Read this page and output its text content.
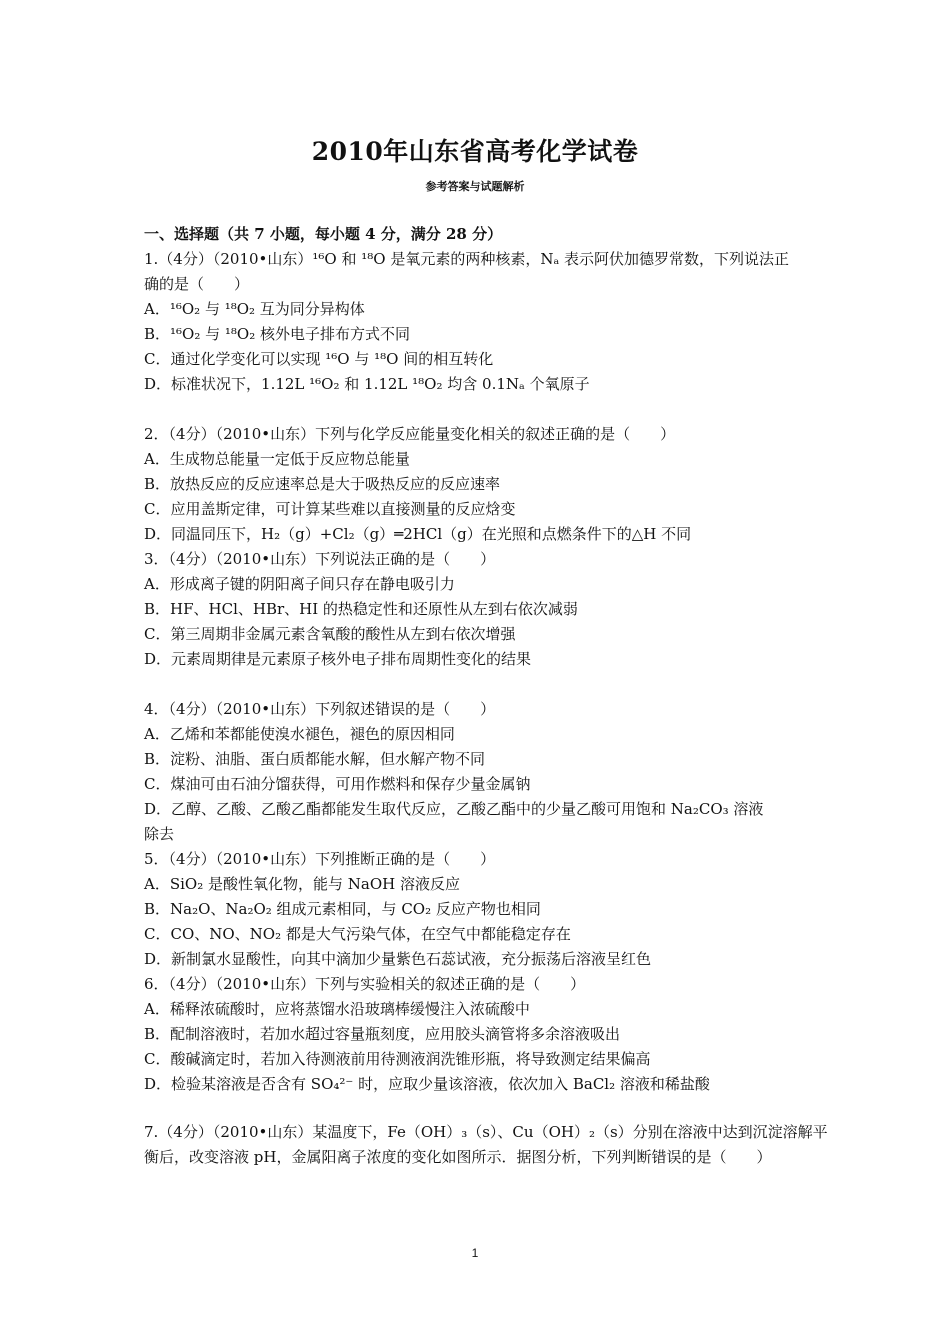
2010年山东省高考化学试卷
参考答案与试题解析
一、选择题（共 7 小题，每小题 4 分，满分 28 分）
1.（4分）（2010•山东）¹⁶O 和 ¹⁸O 是氧元素的两种核素，Nₐ 表示阿伏加德罗常数，下列说法正
确的是（　　）
A．¹⁶O₂ 与 ¹⁸O₂ 互为同分异构体
B．¹⁶O₂ 与 ¹⁸O₂ 核外电子排布方式不同
C．通过化学变化可以实现 ¹⁶O 与 ¹⁸O 间的相互转化
D．标准状况下，1.12L ¹⁶O₂ 和 1.12L ¹⁸O₂ 均含 0.1Nₐ 个氧原子
2．（4分）（2010•山东）下列与化学反应能量变化相关的叙述正确的是（　　）
A．生成物总能量一定低于反应物总能量
B．放热反应的反应速率总是大于吸热反应的反应速率
C．应用盖斯定律，可计算某些难以直接测量的反应焓变
D．同温同压下，H₂（g）+Cl₂（g）═2HCl（g）在光照和点燃条件下的△H 不同
3．（4分）（2010•山东）下列说法正确的是（　　）
A．形成离子键的阴阳离子间只存在静电吸引力
B．HF、HCl、HBr、HI 的热稳定性和还原性从左到右依次减弱
C．第三周期非金属元素含氧酸的酸性从左到右依次增强
D．元素周期律是元素原子核外电子排布周期性变化的结果
4．（4分）（2010•山东）下列叙述错误的是（　　）
A．乙烯和苯都能使溴水褪色，褪色的原因相同
B．淀粉、油脂、蛋白质都能水解，但水解产物不同
C．煤油可由石油分馏获得，可用作燃料和保存少量金属钠
D．乙醇、乙酸、乙酸乙酯都能发生取代反应，乙酸乙酯中的少量乙酸可用饱和 Na₂CO₃ 溶液
除去
5．（4分）（2010•山东）下列推断正确的是（　　）
A．SiO₂ 是酸性氧化物，能与 NaOH 溶液反应
B．Na₂O、Na₂O₂ 组成元素相同，与 CO₂ 反应产物也相同
C．CO、NO、NO₂ 都是大气污染气体，在空气中都能稳定存在
D．新制氯水显酸性，向其中滴加少量紫色石蕊试液，充分振荡后溶液呈红色
6．（4分）（2010•山东）下列与实验相关的叙述正确的是（　　）
A．稀释浓硫酸时，应将蒸馏水沿玻璃棒缓慢注入浓硫酸中
B．配制溶液时，若加水超过容量瓶刻度，应用胶头滴管将多余溶液吸出
C．酸碱滴定时，若加入待测液前用待测液润洗锥形瓶，将导致测定结果偏高
D．检验某溶液是否含有 SO₄²⁻ 时，应取少量该溶液，依次加入 BaCl₂ 溶液和稀盐酸
7.（4分）（2010•山东）某温度下，Fe（OH）₃（s）、Cu（OH）₂（s）分别在溶液中达到沉淀溶解平
衡后，改变溶液 pH，金属阳离子浓度的变化如图所示．据图分析，下列判断错误的是（　　）
1
